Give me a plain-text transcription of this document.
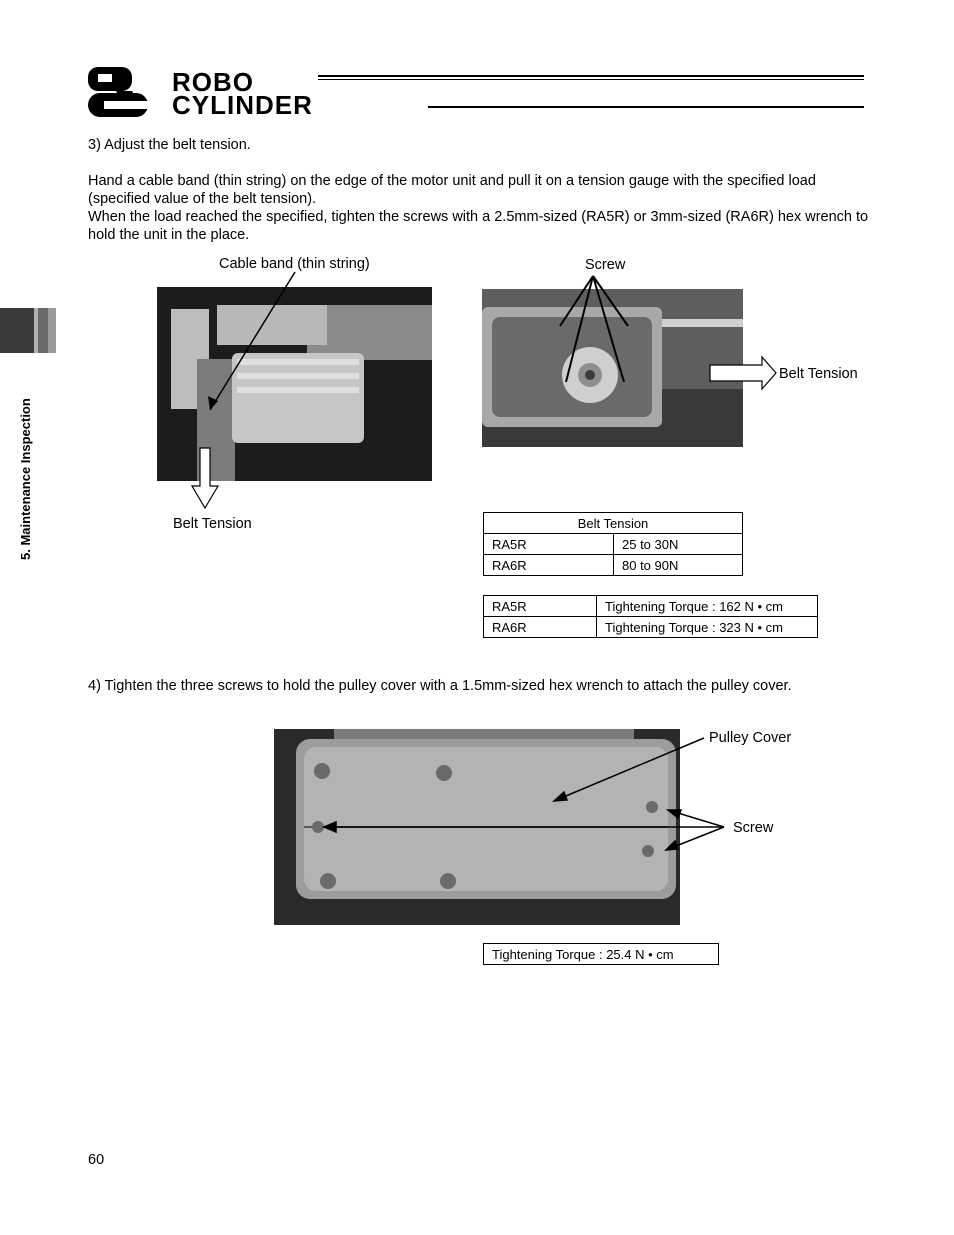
ROBO
CYLINDER
5. Maintenance Inspection
3) Adjust the belt tension.
Hand a cable band (thin string) on the edge of the motor unit and pull it on a tension gauge with the specified load (specified value of the belt tension).
When the load reached the specified, tighten the screws with a 2.5mm-sized (RA5R) or 3mm-sized (RA6R) hex wrench to hold the unit in the place.
Cable band (thin string)
Belt Tension
Screw
Belt Tension
Belt Tension	
RA5R	25 to 30N
RA6R	80 to 90N
RA5R	Tightening Torque : 162 N • cm
RA6R	Tightening Torque : 323 N • cm
4) Tighten the three screws to hold the pulley cover with a 1.5mm-sized hex wrench to attach the pulley cover.
Pulley Cover
Screw
Tightening Torque : 25.4 N • cm
60
